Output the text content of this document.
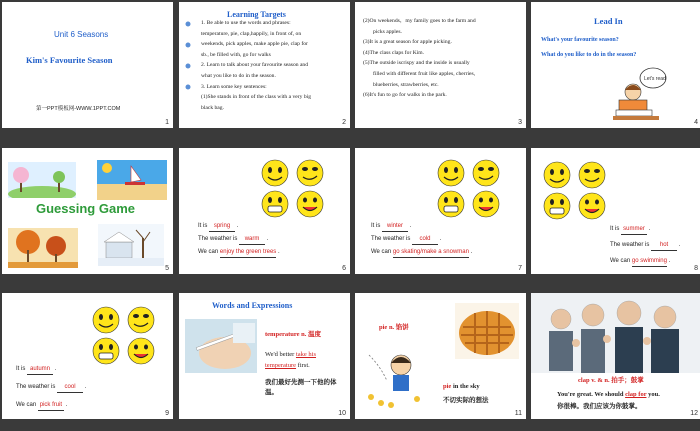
Unit 6 Seasons
Kim's Favourite Season
第一PPT模板网-WWW.1PPT.COM
1
Learning Targets
1. Be able to use the words and phrases:
temperature, pie, clap,happily, in front of, on
weekends, pick apples, make apple pie, clap for
sb., be filled with, go for walks
2. Learn to talk about your favourite season and
what you like to do in the season.
3. Learn some key sentences:
(1)She stands in front of the class with a very big
black bag.
2
(2)On weekends，my family goes to the farm and
picks apples.
(3)It is a great season for apple picking.
(4)The class claps for Kim.
(5)The outside iscrispy and the inside is usually
filled with different fruit like apples, cherries,
blueberries, strawberries, etc.
(6)It's fun to go for walks in the park.
3
Lead In
What's your favourite season?
What do you like to do in the season?
Let's read
4
Guessing Game
5
It is spring .
The weather is warm .
We can enjoy the green trees .
6
It is winter .
The weather is cold .
We can go skating/make a snowman .
7
It is summer .
The weather is hot .
We can go swimming .
8
It is autumn .
The weather is cool .
We can pick fruit .
9
Words and Expressions
temperature n. 温度
We'd better take his
temperature first.
我们最好先测一下他的体温。
10
pie n. 馅饼
pie in the sky
不切实际的想法
11
clap v. & n. 拍手；鼓掌
You're great. We should clap for you.
你很棒。我们应该为你鼓掌。
12
